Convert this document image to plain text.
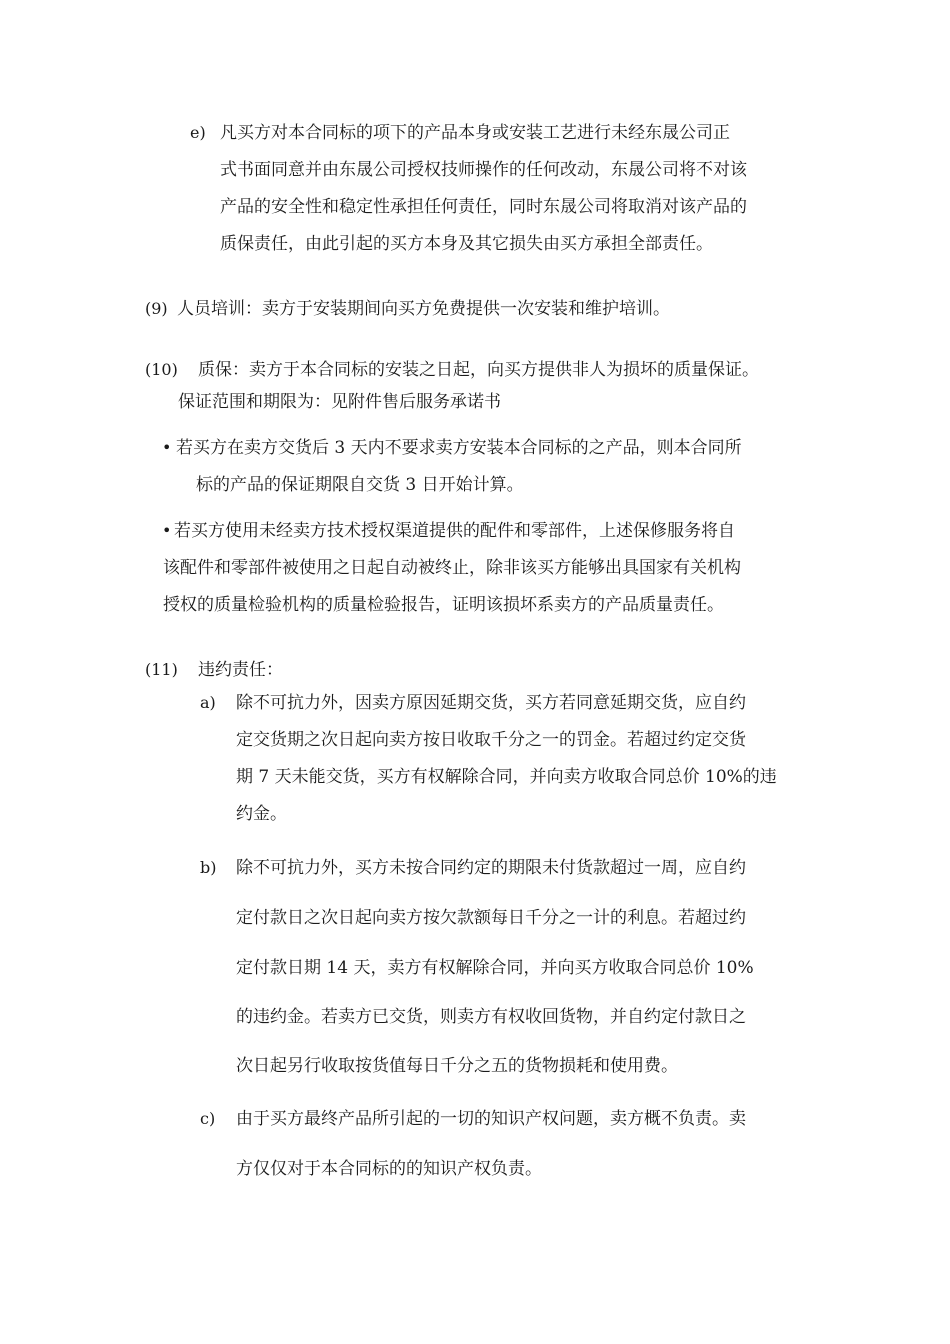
e) 凡买方对本合同标的项下的产品本身或安装工艺进行未经东晟公司正
式书面同意并由东晟公司授权技师操作的任何改动，东晟公司将不对该
产品的安全性和稳定性承担任何责任，同时东晟公司将取消对该产品的
质保责任，由此引起的买方本身及其它损失由买方承担全部责任。
(9) 人员培训：卖方于安装期间向买方免费提供一次安装和维护培训。
(10) 质保：卖方于本合同标的安装之日起，向买方提供非人为损坏的质量保证。
保证范围和期限为：见附件售后服务承诺书
• 若买方在卖方交货后 3 天内不要求卖方安装本合同标的之产品，则本合同所
标的产品的保证期限自交货 3 日开始计算。
• 若买方使用未经卖方技术授权渠道提供的配件和零部件，上述保修服务将自
该配件和零部件被使用之日起自动被终止，除非该买方能够出具国家有关机构
授权的质量检验机构的质量检验报告，证明该损坏系卖方的产品质量责任。
(11) 违约责任：
a) 除不可抗力外，因卖方原因延期交货，买方若同意延期交货，应自约
定交货期之次日起向卖方按日收取千分之一的罚金。若超过约定交货
期 7 天未能交货，买方有权解除合同，并向卖方收取合同总价 10%的违
约金。
b) 除不可抗力外，买方未按合同约定的期限未付货款超过一周，应自约
定付款日之次日起向卖方按欠款额每日千分之一计的利息。若超过约
定付款日期 14 天，卖方有权解除合同，并向买方收取合同总价 10%
的违约金。若卖方已交货，则卖方有权收回货物，并自约定付款日之
次日起另行收取按货值每日千分之五的货物损耗和使用费。
c) 由于买方最终产品所引起的一切的知识产权问题，卖方概不负责。卖
方仅仅对于本合同标的的知识产权负责。
